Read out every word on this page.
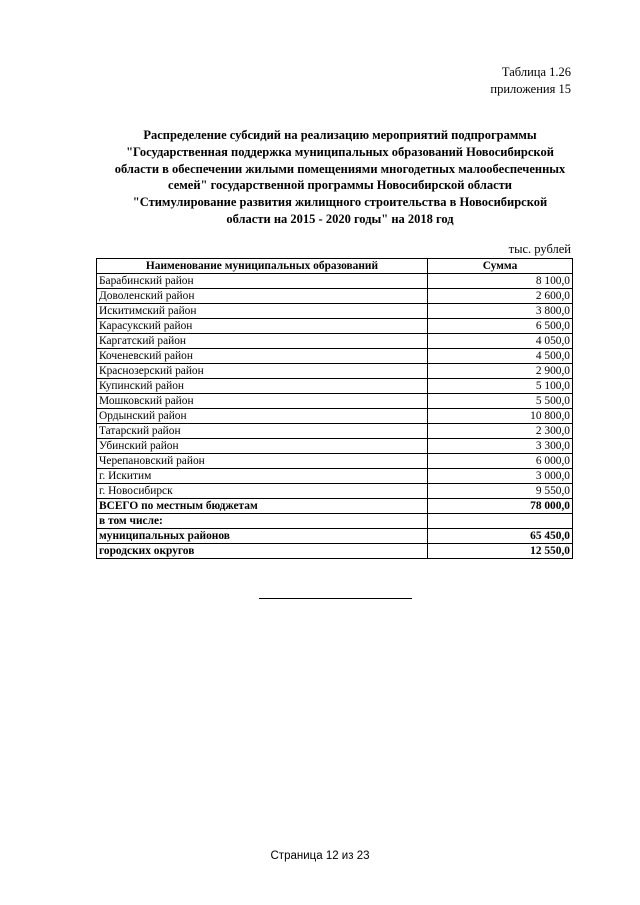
Таблица 1.26
приложения 15
Распределение субсидий на реализацию мероприятий подпрограммы
"Государственная поддержка муниципальных образований Новосибирской
области в обеспечении жилыми помещениями многодетных малообеспеченных
семей" государственной программы Новосибирской области
"Стимулирование развития жилищного строительства в Новосибирской
области на 2015 - 2020 годы" на 2018 год
тыс. рублей
Наименование муниципальных образований	Сумма
Барабинский район	8 100,0
Доволенский район	2 600,0
Искитимский район	3 800,0
Карасукский район	6 500,0
Каргатский район	4 050,0
Коченевский район	4 500,0
Краснозерский район	2 900,0
Купинский район	5 100,0
Мошковский район	5 500,0
Ордынский район	10 800,0
Татарский район	2 300,0
Убинский район	3 300,0
Черепановский район	6 000,0
г. Искитим	3 000,0
г. Новосибирск	9 550,0
ВСЕГО по местным бюджетам	78 000,0
в том числе:	
муниципальных районов	65 450,0
городских округов	12 550,0
Страница 12 из 23
